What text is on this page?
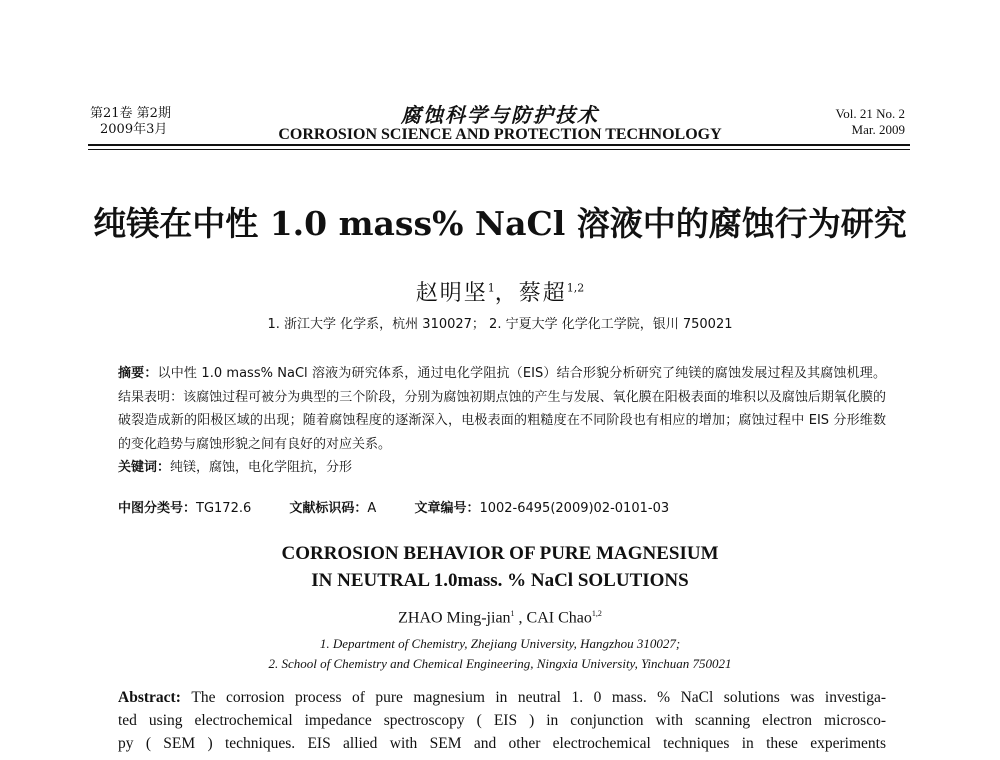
第21卷 第2期
2009年3月
腐蚀科学与防护技术
CORROSION SCIENCE AND PROTECTION TECHNOLOGY
Vol. 21 No. 2
Mar. 2009
纯镁在中性 1.0 mass% NaCl 溶液中的腐蚀行为研究
赵明坚$^1$，蔡超$^{1,2}$
1. 浙江大学 化学系，杭州 310027； 2. 宁夏大学 化学化工学院，银川 750021
摘要：以中性 1.0 mass% NaCl 溶液为研究体系，通过电化学阻抗（EIS）结合形貌分析研究了纯镁的腐蚀发展过程及其腐蚀机理。结果表明：该腐蚀过程可被分为典型的三个阶段，分别为腐蚀初期点蚀的产生与发展、氧化膜在阳极表面的堆积以及腐蚀后期氧化膜的破裂造成新的阳极区域的出现；随着腐蚀程度的逐渐深入，电极表面的粗糙度在不同阶段也有相应的增加；腐蚀过程中 EIS 分形维数的变化趋势与腐蚀形貌之间有良好的对应关系。
关键词：纯镁，腐蚀，电化学阻抗，分形
中图分类号：TG172.6	文献标识码：A	文章编号：1002-6495(2009)02-0101-03
CORROSION BEHAVIOR OF PURE MAGNESIUM
IN NEUTRAL 1.0mass. % NaCl SOLUTIONS
ZHAO Ming-jian$^1$ , CAI Chao$^{1,2}$
1. Department of Chemistry, Zhejiang University, Hangzhou 310027;
2. School of Chemistry and Chemical Engineering, Ningxia University, Yinchuan 750021
Abstract: The corrosion process of pure magnesium in neutral 1. 0 mass. % NaCl solutions was investiga-
ted using electrochemical impedance spectroscopy ( EIS ) in conjunction with scanning electron microsco-
py ( SEM ) techniques. EIS allied with SEM and other electrochemical techniques in these experiments
